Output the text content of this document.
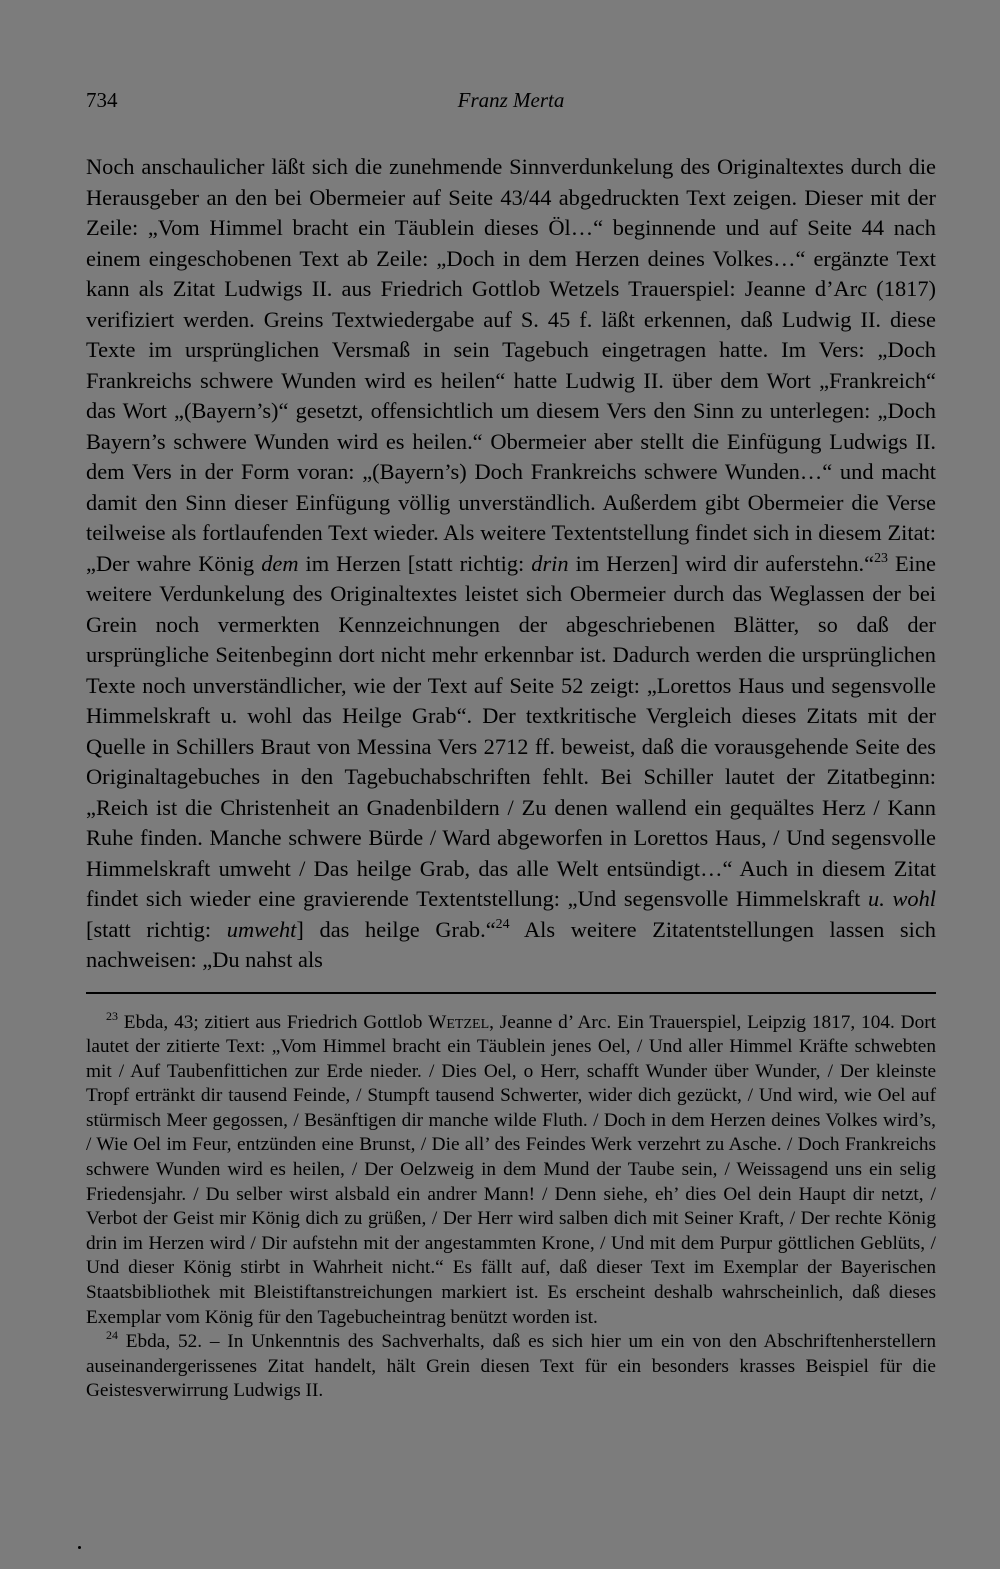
734	Franz Merta

Noch anschaulicher läßt sich die zunehmende Sinnverdunkelung des Originaltextes durch die Herausgeber an den bei Obermeier auf Seite 43/44 abgedruckten Text zeigen. Dieser mit der Zeile: „Vom Himmel bracht ein Täublein dieses Öl…“ beginnende und auf Seite 44 nach einem eingeschobenen Text ab Zeile: „Doch in dem Herzen deines Volkes…“ ergänzte Text kann als Zitat Ludwigs II. aus Friedrich Gottlob Wetzels Trauerspiel: Jeanne d’Arc (1817) verifiziert werden. Greins Textwiedergabe auf S. 45 f. läßt erkennen, daß Ludwig II. diese Texte im ursprünglichen Versmaß in sein Tagebuch eingetragen hatte. Im Vers: „Doch Frankreichs schwere Wunden wird es heilen“ hatte Ludwig II. über dem Wort „Frankreich“ das Wort „(Bayern’s)“ gesetzt, offensichtlich um diesem Vers den Sinn zu unterlegen: „Doch Bayern’s schwere Wunden wird es heilen.“ Obermeier aber stellt die Einfügung Ludwigs II. dem Vers in der Form voran: „(Bayern’s) Doch Frankreichs schwere Wunden…“ und macht damit den Sinn dieser Einfügung völlig unverständlich. Außerdem gibt Obermeier die Verse teilweise als fortlaufenden Text wieder. Als weitere Textentstellung findet sich in diesem Zitat: „Der wahre König dem im Herzen [statt richtig: drin im Herzen] wird dir auferstehn.“$^{23}$ Eine weitere Verdunkelung des Originaltextes leistet sich Obermeier durch das Weglassen der bei Grein noch vermerkten Kennzeichnungen der abgeschriebenen Blätter, so daß der ursprüngliche Seitenbeginn dort nicht mehr erkennbar ist. Dadurch werden die ursprünglichen Texte noch unverständlicher, wie der Text auf Seite 52 zeigt: „Lorettos Haus und segensvolle Himmelskraft u. wohl das Heilge Grab“. Der textkritische Vergleich dieses Zitats mit der Quelle in Schillers Braut von Messina Vers 2712 ff. beweist, daß die vorausgehende Seite des Originaltagebuches in den Tagebuchabschriften fehlt. Bei Schiller lautet der Zitatbeginn: „Reich ist die Christenheit an Gnadenbildern / Zu denen wallend ein gequältes Herz / Kann Ruhe finden. Manche schwere Bürde / Ward abgeworfen in Lorettos Haus, / Und segensvolle Himmelskraft umweht / Das heilge Grab, das alle Welt entsündigt…“ Auch in diesem Zitat findet sich wieder eine gravierende Textentstellung: „Und segensvolle Himmelskraft u. wohl [statt richtig: umweht] das heilge Grab.“$^{24}$ Als weitere Zitatentstellungen lassen sich nachweisen: „Du nahst als

$^{23}$ Ebda, 43; zitiert aus Friedrich Gottlob Wetzel, Jeanne d’ Arc. Ein Trauerspiel, Leipzig 1817, 104. Dort lautet der zitierte Text: „Vom Himmel bracht ein Täublein jenes Oel, / Und aller Himmel Kräfte schwebten mit / Auf Taubenfittichen zur Erde nieder. / Dies Oel, o Herr, schafft Wunder über Wunder, / Der kleinste Tropf ertränkt dir tausend Feinde, / Stumpft tausend Schwerter, wider dich gezückt, / Und wird, wie Oel auf stürmisch Meer gegossen, / Besänftigen dir manche wilde Fluth. / Doch in dem Herzen deines Volkes wird’s, / Wie Oel im Feur, entzünden eine Brunst, / Die all’ des Feindes Werk verzehrt zu Asche. / Doch Frankreichs schwere Wunden wird es heilen, / Der Oelzweig in dem Mund der Taube sein, / Weissagend uns ein selig Friedensjahr. / Du selber wirst alsbald ein andrer Mann! / Denn siehe, eh’ dies Oel dein Haupt dir netzt, / Verbot der Geist mir König dich zu grüßen, / Der Herr wird salben dich mit Seiner Kraft, / Der rechte König drin im Herzen wird / Dir aufstehn mit der angestammten Krone, / Und mit dem Purpur göttlichen Geblüts, / Und dieser König stirbt in Wahrheit nicht.“ Es fällt auf, daß dieser Text im Exemplar der Bayerischen Staatsbibliothek mit Bleistiftanstreichungen markiert ist. Es erscheint deshalb wahrscheinlich, daß dieses Exemplar vom König für den Tagebucheintrag benützt worden ist.

$^{24}$ Ebda, 52. – In Unkenntnis des Sachverhalts, daß es sich hier um ein von den Abschriftenherstellern auseinandergerissenes Zitat handelt, hält Grein diesen Text für ein besonders krasses Beispiel für die Geistesverwirrung Ludwigs II.
